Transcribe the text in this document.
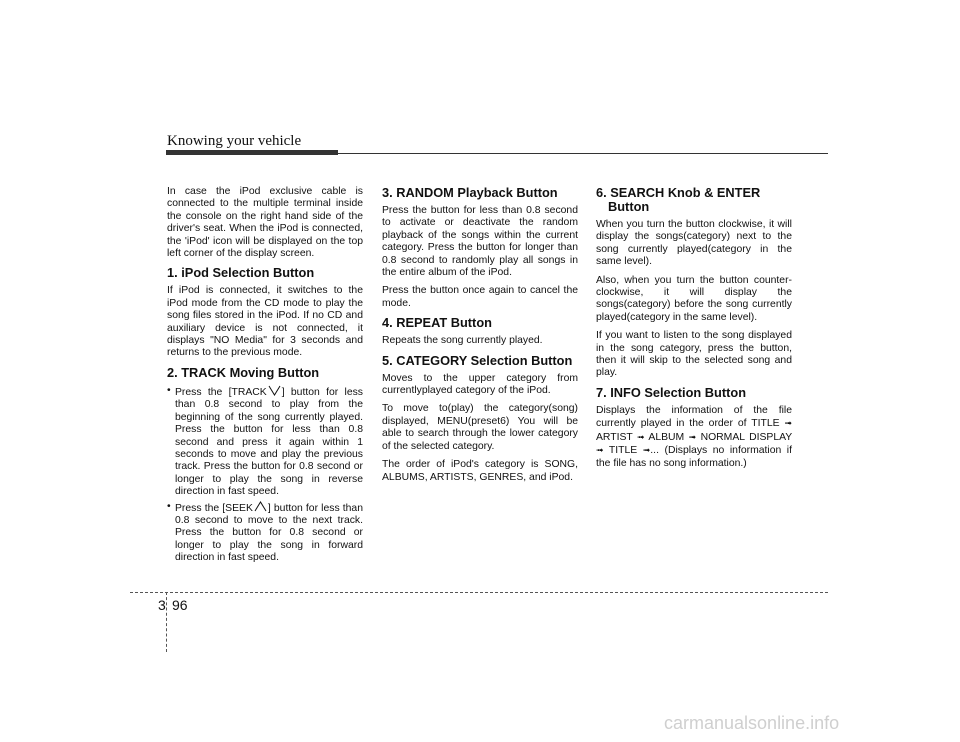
Knowing your vehicle

In case the iPod exclusive cable is connected to the multiple terminal inside the console on the right hand side of the driver's seat. When the iPod is connected, the 'iPod' icon will be displayed on the top left corner of the display screen.

1. iPod Selection Button

If iPod is connected, it switches to the iPod mode from the CD mode to play the song files stored in the iPod. If no CD and auxiliary device is not connected, it displays "NO Media" for 3 seconds and returns to the previous mode.

2. TRACK Moving Button
• Press the [TRACK ] button for less than 0.8 second to play from the beginning of the song currently played. Press the button for less than 0.8 second and press it again within 1 seconds to move and play the previous track. Press the button for 0.8 second or longer to play the song in reverse direction in fast speed.
• Press the [SEEK ] button for less than 0.8 second to move to the next track. Press the button for 0.8 second or longer to play the song in forward direction in fast speed.
3. RANDOM Playback Button

Press the button for less than 0.8 second to activate or deactivate the random playback of the songs within the current category. Press the button for longer than 0.8 second to randomly play all songs in the entire album of the iPod.

Press the button once again to cancel the mode.

4. REPEAT Button

Repeats the song currently played.

5. CATEGORY Selection Button

Moves to the upper category from currentlyplayed category of the iPod.

To move to(play) the category(song) displayed, MENU(preset6) You will be able to search through the lower category of the selected category.

The order of iPod's category is SONG, ALBUMS, ARTISTS, GENRES, and iPod.

6. SEARCH Knob & ENTER
Button

When you turn the button clockwise, it will display the songs(category) next to the song currently played(category in the same level).

Also, when you turn the button counter-clockwise, it will display the songs(category) before the song currently played(category in the same level).

If you want to listen to the song displayed in the song category, press the button, then it will skip to the selected song and play.

7. INFO Selection Button

Displays the information of the file currently played in the order of TITLE ➟ ARTIST ➟ ALBUM ➟ NORMAL DISPLAY ➟ TITLE ➟... (Displays no information if the file has no song information.)

3 96
carmanualsonline.info
